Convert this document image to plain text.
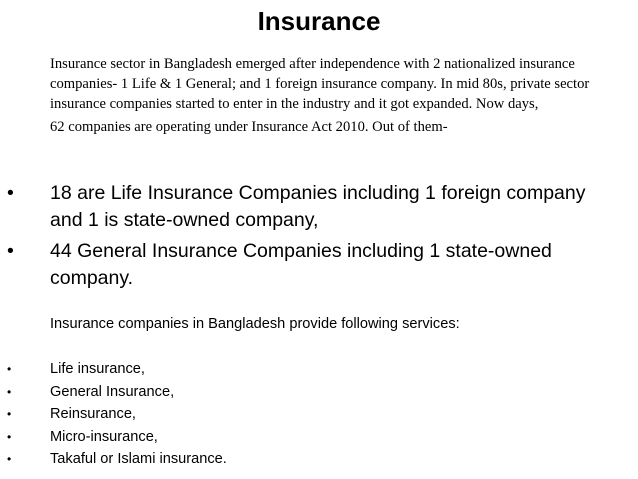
Insurance
Insurance sector in Bangladesh emerged after independence with 2 nationalized insurance companies- 1 Life & 1 General; and 1 foreign insurance company. In mid 80s, private sector insurance companies started to enter in the industry and it got expanded. Now days,
62 companies are operating under Insurance Act 2010. Out of them-
• 18 are Life Insurance Companies including 1 foreign company and 1 is state-owned company,
• 44 General Insurance Companies including 1 state-owned company.
Insurance companies in Bangladesh provide following services:
•	Life insurance,
•	General Insurance,
•	Reinsurance,
•	Micro-insurance,
•	Takaful or Islami insurance.
